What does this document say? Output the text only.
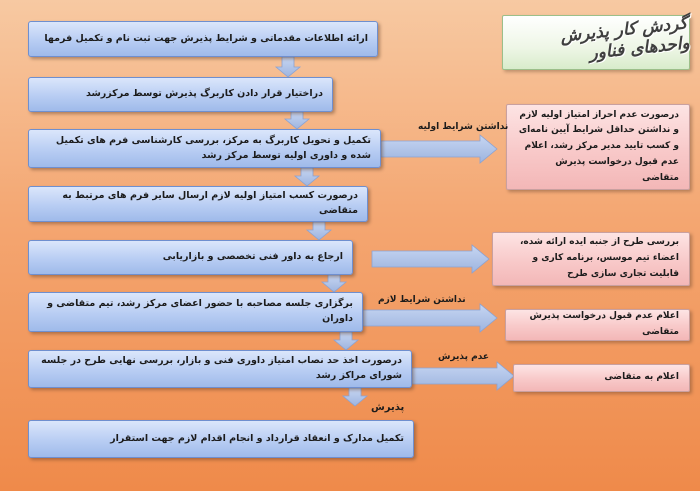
گردش کار پذیرش واحدهای فناور
ارائه اطلاعات مقدماتی و شرایط پذیرش جهت ثبت نام و تکمیل فرمها
دراختیار قرار دادن کاربرگ پذیرش توسط مرکزرشد
تکمیل و تحویل کاربرگ به مرکز، بررسی کارشناسی فرم های تکمیل شده و داوری اولیه توسط مرکز رشد
درصورت کسب امتیاز اولیه لازم ارسال سایر فرم های مرتبط به متقاضی
ارجاع به داور فنی تخصصی و بازاریابی
برگزاری جلسه مصاحبه با حضور اعضای مرکز رشد، تیم متقاضی و داوران
درصورت اخذ حد نصاب امتیاز داوری فنی و بازار، بررسی نهایی طرح در جلسه شورای مراکز رشد
تکمیل مدارک و انعقاد قرارداد و انجام اقدام لازم جهت استقرار
درصورت عدم احراز امتیاز اولیه لازم و نداشتن حداقل شرایط آیین نامه‌ای و کسب تایید مدیر مرکز رشد، اعلام عدم قبول درخواست پذیرش متقاضی
بررسی طرح از جنبه ایده ارائه شده، اعضاء تیم موسس، برنامه کاری و قابلیت تجاری سازی طرح
اعلام عدم قبول درخواست پذیرش متقاضی
اعلام به متقاضی
نداشتن شرایط اولیه
نداشتن شرایط لازم
عدم پذیرش
پذیرش
